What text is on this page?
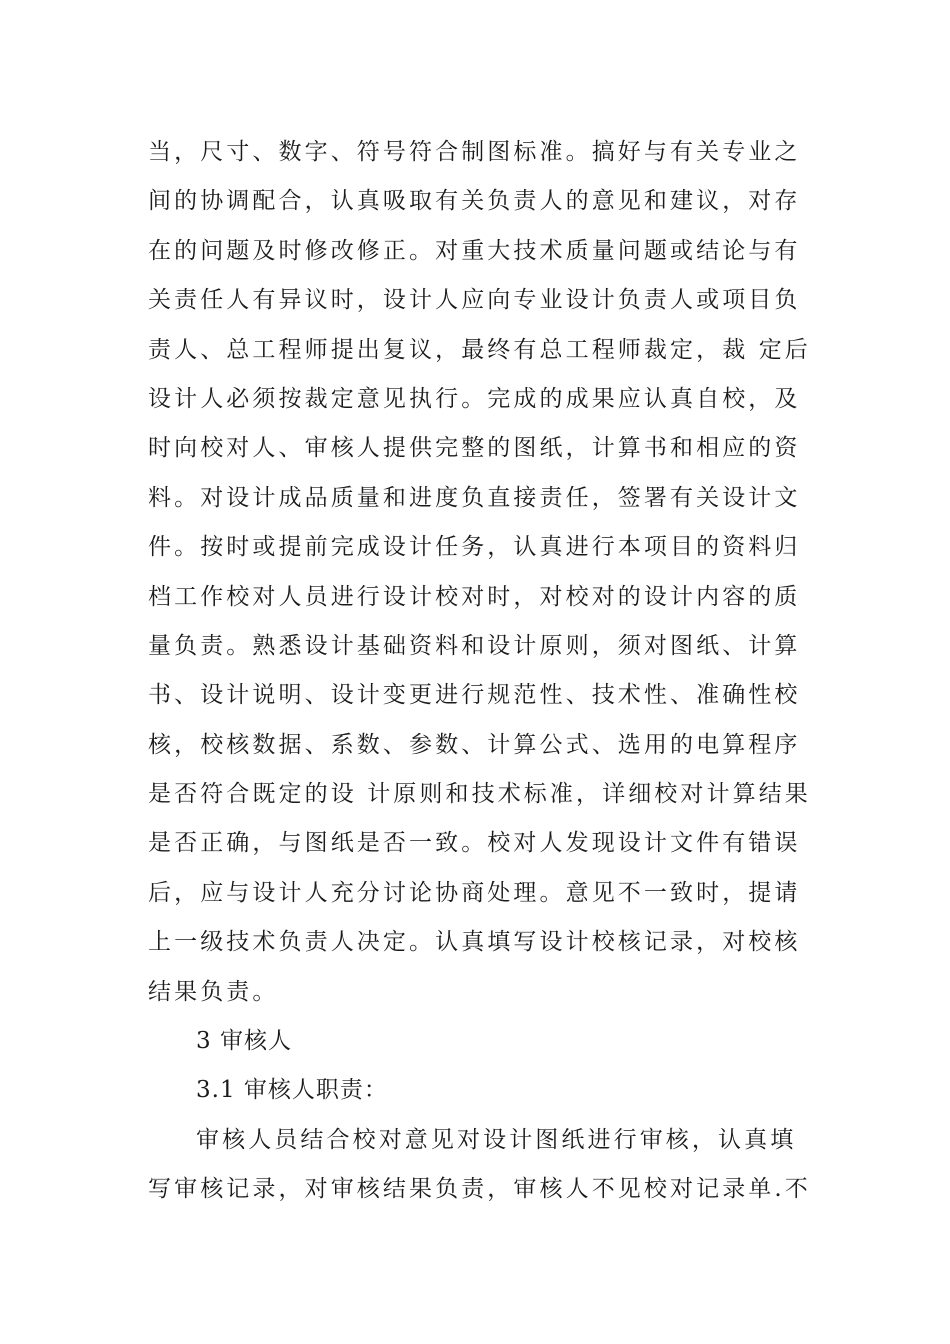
当，尺寸、数字、符号符合制图标准。搞好与有关专业之
间的协调配合，认真吸取有关负责人的意见和建议，对存
在的问题及时修改修正。对重大技术质量问题或结论与有
关责任人有异议时，设计人应向专业设计负责人或项目负
责人、总工程师提出复议，最终有总工程师裁定，裁 定后
设计人必须按裁定意见执行。完成的成果应认真自校，及
时向校对人、审核人提供完整的图纸，计算书和相应的资
料。对设计成品质量和进度负直接责任，签署有关设计文
件。按时或提前完成设计任务，认真进行本项目的资料归
档工作校对人员进行设计校对时，对校对的设计内容的质
量负责。熟悉设计基础资料和设计原则，须对图纸、计算
书、设计说明、设计变更进行规范性、技术性、准确性校
核，校核数据、系数、参数、计算公式、选用的电算程序
是否符合既定的设 计原则和技术标准，详细校对计算结果
是否正确，与图纸是否一致。校对人发现设计文件有错误
后，应与设计人充分讨论协商处理。意见不一致时，提请
上一级技术负责人决定。认真填写设计校核记录，对校核
结果负责。
3 审核人
3.1 审核人职责：
审核人员结合校对意见对设计图纸进行审核，认真填
写审核记录，对审核结果负责，审核人不见校对记录单.不
